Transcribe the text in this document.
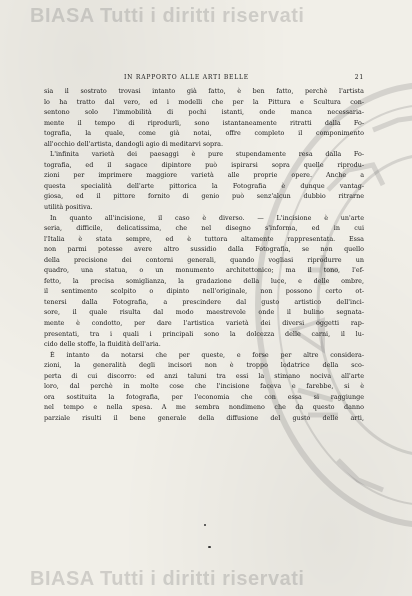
BIASA Tutti i diritti riservati
IN RAPPORTO ALLE ARTI BELLE	21
sia il sostrato trovasi intanto già fatto, è ben fatto, perchè l'artista
lo ha tratto dal vero, ed i modelli che per la Pittura e Scultura con-
sentono solo l'immobilità di pochi istanti, onde manca necessaria-
mente il tempo di riprodurli, sono istantaneamente ritratti dalla Fo-
tografia, la quale, come già notai, offre completo il componimento
all'occhio dell'artista, dandogli agio di meditarvi sopra.
L'infinita varietà dei paesaggi è pure stupendamente resa dalla Fo-
tografia, ed il sagace dipintore può ispirarsi sopra quelle riprodu-
zioni per imprimere maggiore varietà alle proprie opere. Anche a
questa specialità dell'arte pittorica la Fotografia è dunque vantag-
giosa, ed il pittore fornito di genio può senz'alcun dubbio ritrarne
utilità positiva.
In quanto all'incisione, il caso è diverso. — L'incisione è un'arte
seria, difficile, delicatissima, che nel disegno s'informa, ed in cui
l'Italia è stata sempre, ed è tuttora altamente rappresentata. Essa
non parmi potesse avere altro sussidio dalla Fotografia, se non quello
della precisione dei contorni generali, quando vogliasi riprodurre un
quadro, una statua, o un monumento architettonico; ma il tono, l'ef-
fetto, la precisa somiglianza, la gradazione della luce, e delle ombre,
il sentimento scolpito o dipinto nell'originale, non possono certo ot-
tenersi dalla Fotografia, a prescindere dal gusto artistico dell'inci-
sore, il quale risulta dal modo maestrevole onde il bulino segnata-
mente è condotto, per dare l'artistica varietà dei diversi oggetti rap-
presentati, tra i quali i principali sono la dolcezza delle carni, il lu-
cido delle stoffe, la fluidità dell'aria.
È intanto da notarsi che per queste, e forse per altre considera-
zioni, la generalità degli incisori non è troppo lodatrice della sco-
perta di cui discorro: ed anzi taluni tra essi la stimano nociva all'arte
loro, dal perchè in molte cose che l'incisione faceva e farebbe, si è
ora sostituita la fotografia, per l'economia che con essa si raggiunge
nel tempo e nella spesa. A me sembra nondimeno che da questo danno
parziale risulti il bene generale della diffusione del gusto delle arti,
BIASA Tutti i diritti riservati
